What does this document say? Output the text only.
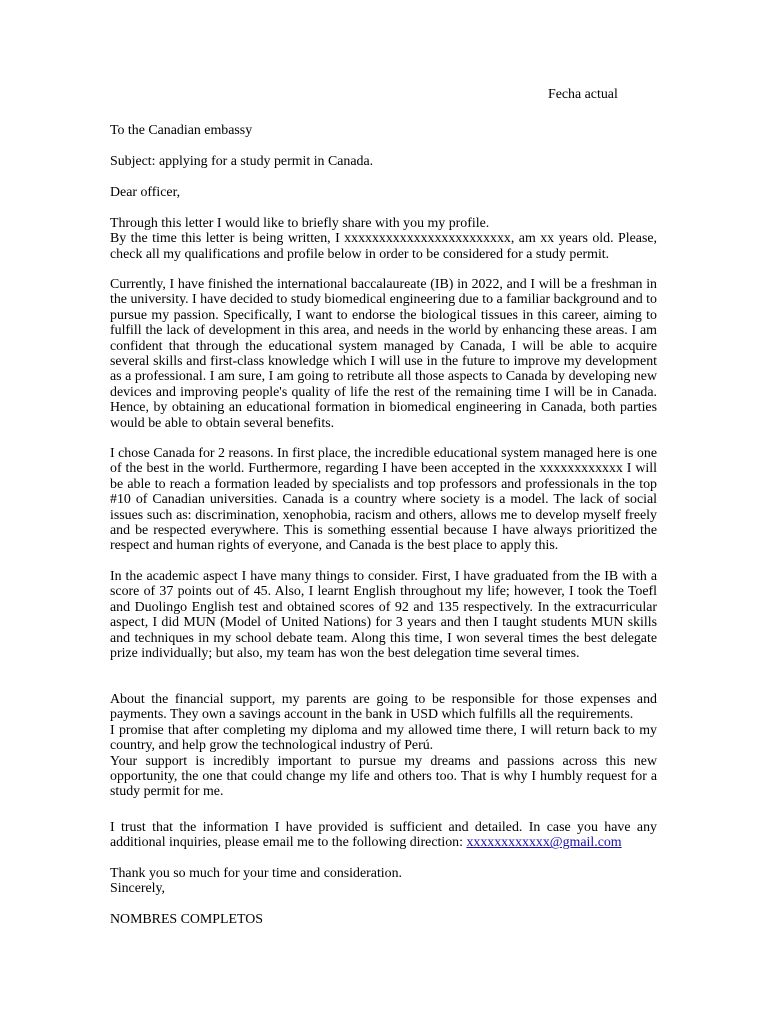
Fecha actual

To the Canadian embassy

Subject: applying for a study permit in Canada.

Dear officer,

Through this letter I would like to briefly share with you my profile.
By the time this letter is being written, I xxxxxxxxxxxxxxxxxxxxxxxx, am xx years old. Please, check all my qualifications and profile below in order to be considered for a study permit.

Currently, I have finished the international baccalaureate (IB) in 2022, and I will be a freshman in the university. I have decided to study biomedical engineering due to a familiar background and to pursue my passion. Specifically, I want to endorse the biological tissues in this career, aiming to fulfill the lack of development in this area, and needs in the world by enhancing these areas. I am confident that through the educational system managed by Canada, I will be able to acquire several skills and first-class knowledge which I will use in the future to improve my development as a professional. I am sure, I am going to retribute all those aspects to Canada by developing new devices and improving people's quality of life the rest of the remaining time I will be in Canada. Hence, by obtaining an educational formation in biomedical engineering in Canada, both parties would be able to obtain several benefits.

I chose Canada for 2 reasons. In first place, the incredible educational system managed here is one of the best in the world. Furthermore, regarding I have been accepted in the xxxxxxxxxxxx I will be able to reach a formation leaded by specialists and top professors and professionals in the top #10 of Canadian universities. Canada is a country where society is a model. The lack of social issues such as: discrimination, xenophobia, racism and others, allows me to develop myself freely and be respected everywhere. This is something essential because I have always prioritized the respect and human rights of everyone, and Canada is the best place to apply this.

In the academic aspect I have many things to consider. First, I have graduated from the IB with a score of 37 points out of 45. Also, I learnt English throughout my life; however, I took the Toefl and Duolingo English test and obtained scores of 92 and 135 respectively. In the extracurricular aspect, I did MUN (Model of United Nations) for 3 years and then I taught students MUN skills and techniques in my school debate team. Along this time, I won several times the best delegate prize individually; but also, my team has won the best delegation time several times.

About the financial support, my parents are going to be responsible for those expenses and payments. They own a savings account in the bank in USD which fulfills all the requirements.
I promise that after completing my diploma and my allowed time there, I will return back to my country, and help grow the technological industry of Perú.
Your support is incredibly important to pursue my dreams and passions across this new opportunity, the one that could change my life and others too. That is why I humbly request for a study permit for me.

I trust that the information I have provided is sufficient and detailed. In case you have any additional inquiries, please email me to the following direction: xxxxxxxxxxxx@gmail.com

Thank you so much for your time and consideration.
Sincerely,

NOMBRES COMPLETOS
